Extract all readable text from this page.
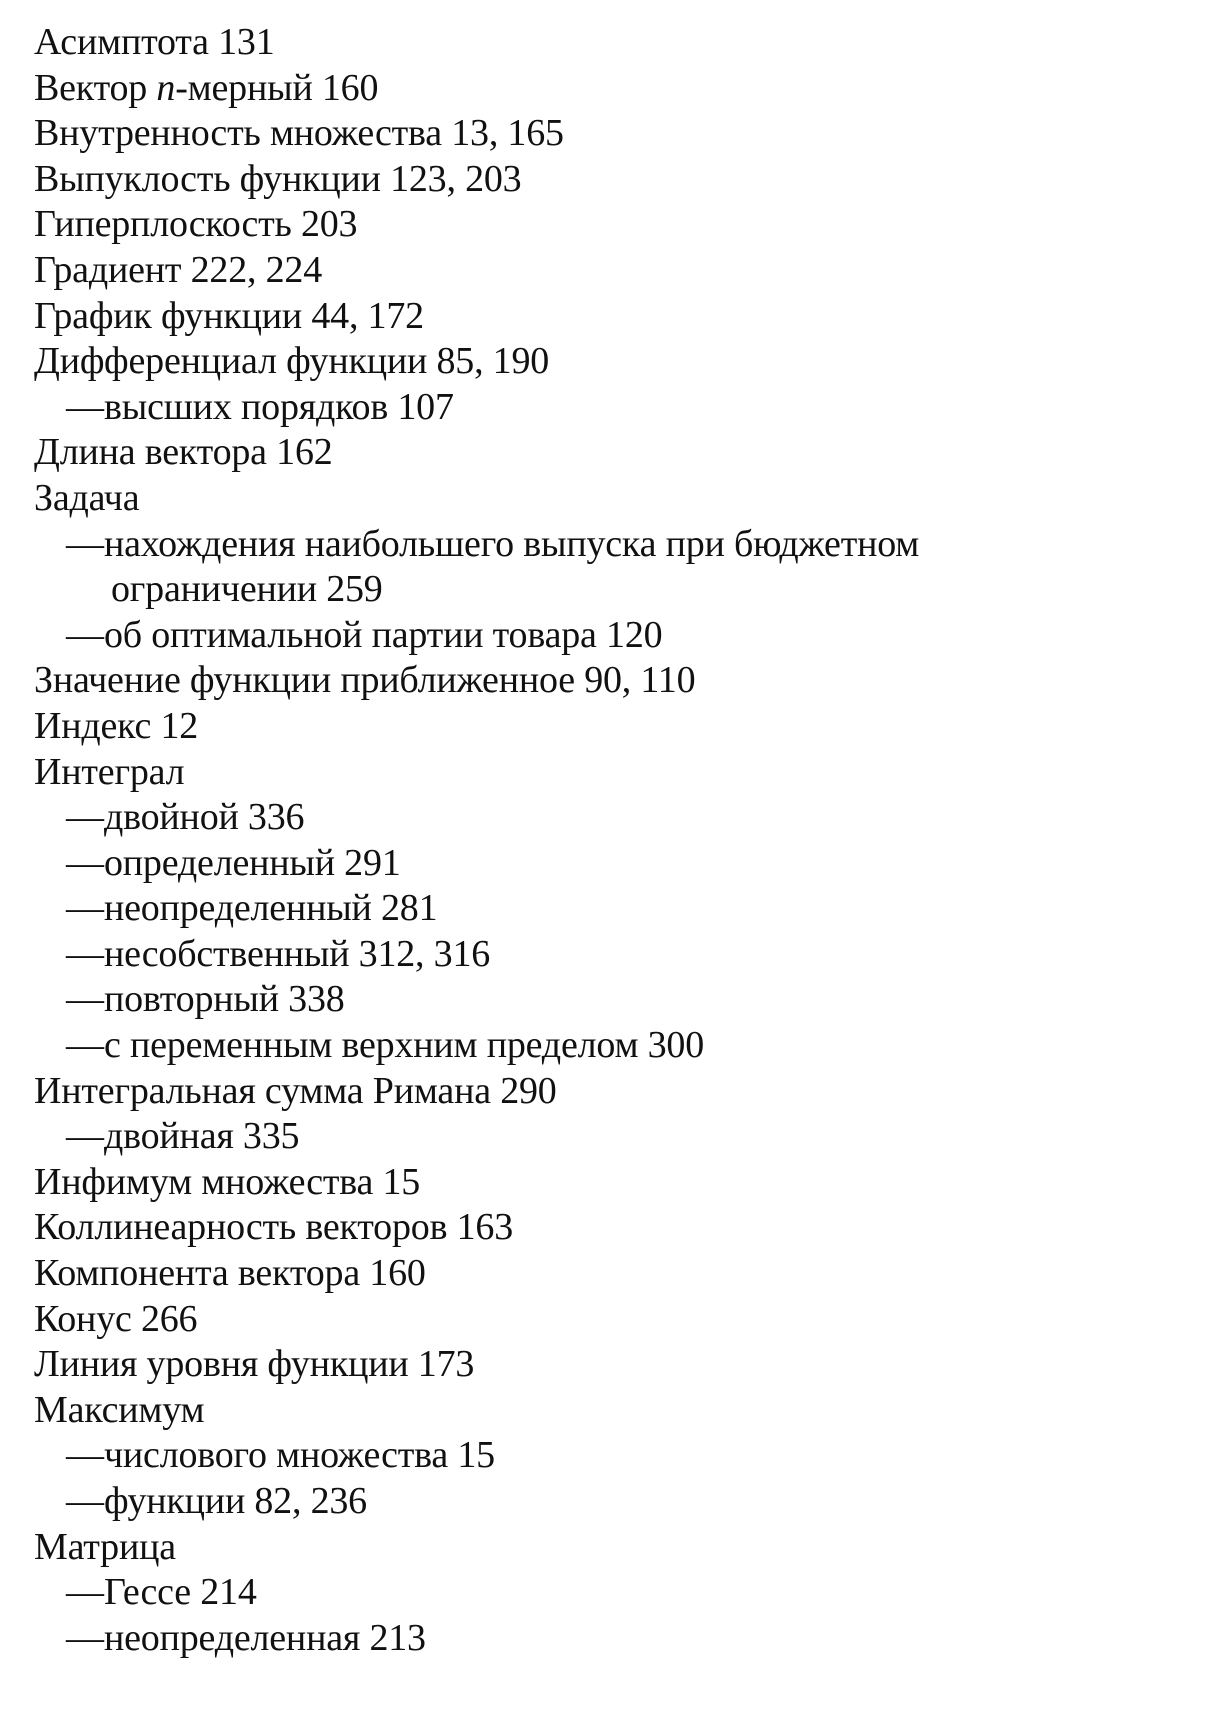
Асимптота 131
Вектор n-мерный 160
Внутренность множества 13, 165
Выпуклость функции 123, 203
Гиперплоскость 203
Градиент 222, 224
График функции 44, 172
Дифференциал функции 85, 190
—высших порядков 107
Длина вектора 162
Задача
—нахождения наибольшего выпуска при бюджетном
ограничении 259
—об оптимальной партии товара 120
Значение функции приближенное 90, 110
Индекс 12
Интеграл
—двойной 336
—определенный 291
—неопределенный 281
—несобственный 312, 316
—повторный 338
—с переменным верхним пределом 300
Интегральная сумма Римана 290
—двойная 335
Инфимум множества 15
Коллинеарность векторов 163
Компонента вектора 160
Конус 266
Линия уровня функции 173
Максимум
—числового множества 15
—функции 82, 236
Матрица
—Гессе 214
—неопределенная 213
